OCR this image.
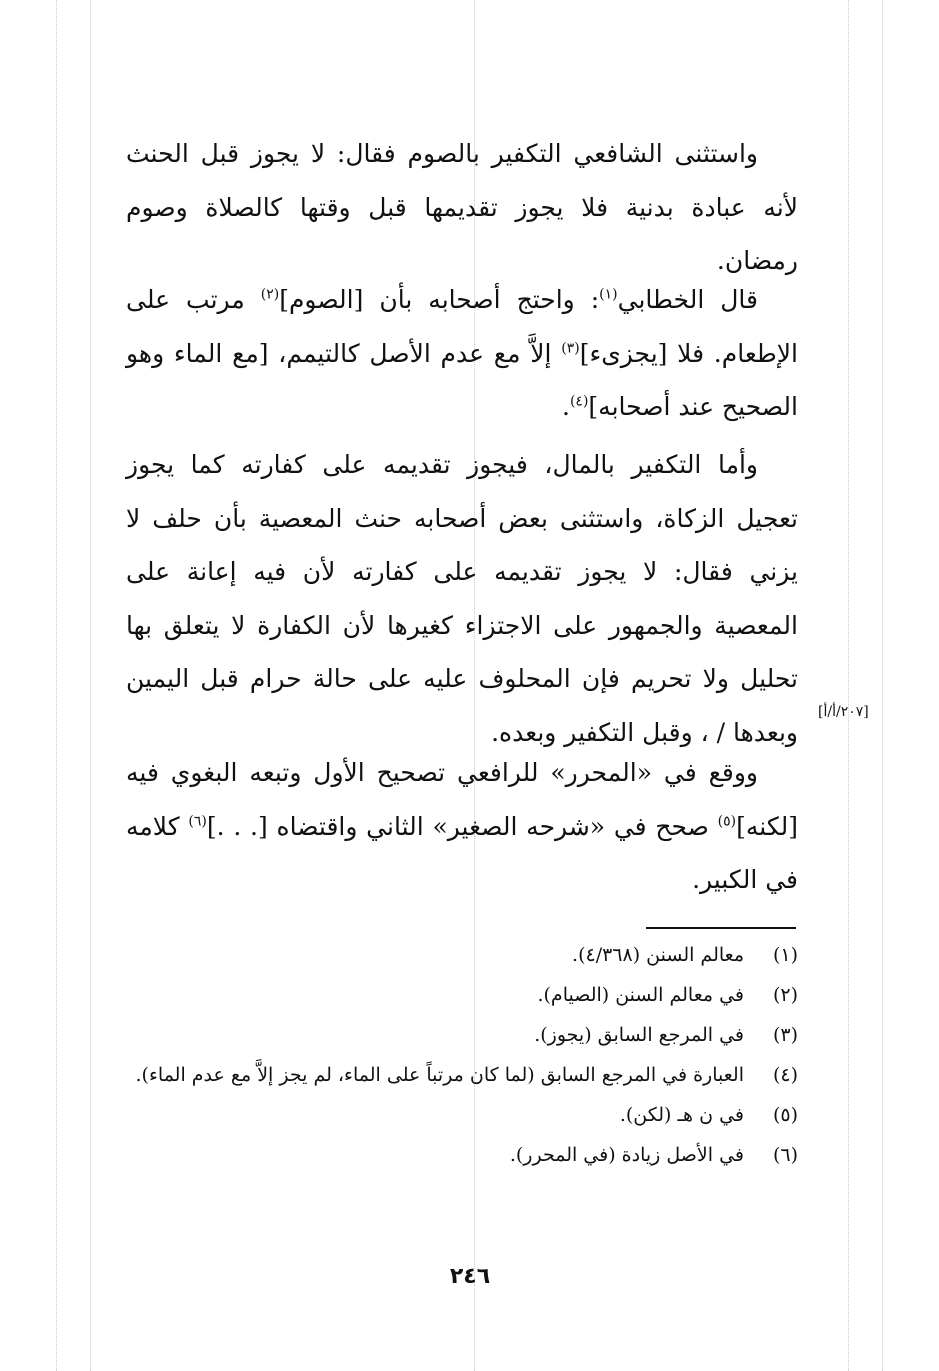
واستثنى الشافعي التكفير بالصوم فقال: لا يجوز قبل الحنث لأنه عبادة بدنية فلا يجوز تقديمها قبل وقتها كالصلاة وصوم رمضان.

قال الخطابي$^{(١)}$: واحتج أصحابه بأن [الصوم]$^{(٢)}$ مرتب على الإطعام. فلا [يجزىء]$^{(٣)}$ إلاَّ مع عدم الأصل كالتيمم، [مع الماء وهو الصحيح عند أصحابه]$^{(٤)}$.

وأما التكفير بالمال، فيجوز تقديمه على كفارته كما يجوز تعجيل الزكاة، واستثنى بعض أصحابه حنث المعصية بأن حلف لا يزني فقال: لا يجوز تقديمه على كفارته لأن فيه إعانة على المعصية والجمهور على الاجتزاء كغيرها لأن الكفارة لا يتعلق بها تحليل ولا تحريم فإن المحلوف عليه على حالة حرام قبل اليمين وبعدها / ، وقبل التكفير وبعده.

[٢٠٧/أ/أ]

ووقع في «المحرر» للرافعي تصحيح الأول وتبعه البغوي فيه [لكنه]$^{(٥)}$ صحح في «شرحه الصغير» الثاني واقتضاه [. . .]$^{(٦)}$ كلامه في الكبير.

(١)
معالم السنن (٤/٣٦٨).
(٢)
في معالم السنن (الصيام).
(٣)
في المرجع السابق (يجوز).
(٤)
العبارة في المرجع السابق (لما كان مرتباً على الماء، لم يجز إلاَّ مع عدم الماء).
(٥)
في ن هـ (لكن).
(٦)
في الأصل زيادة (في المحرر).
٢٤٦
